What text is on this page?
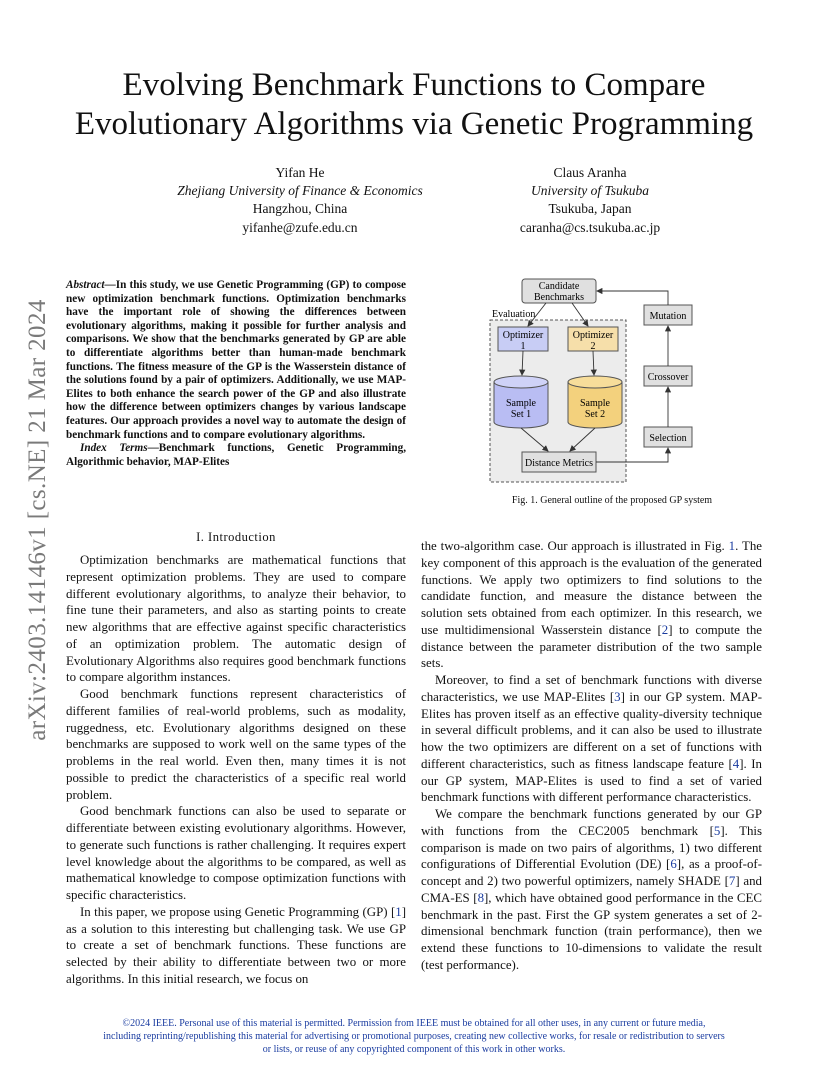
Evolving Benchmark Functions to Compare
Evolutionary Algorithms via Genetic Programming
Yifan He
Zhejiang University of Finance & Economics
Hangzhou, China
yifanhe@zufe.edu.cn
Claus Aranha
University of Tsukuba
Tsukuba, Japan
caranha@cs.tsukuba.ac.jp
arXiv:2403.14146v1 [cs.NE] 21 Mar 2024

Abstract—In this study, we use Genetic Programming (GP) to compose new optimization benchmark functions. Optimization benchmarks have the important role of showing the differences between evolutionary algorithms, making it possible for further analysis and comparisons. We show that the benchmarks generated by GP are able to differentiate algorithms better than human-made benchmark functions. The fitness measure of the GP is the Wasserstein distance of the solutions found by a pair of optimizers. Additionally, we use MAP-Elites to both enhance the search power of the GP and also illustrate how the difference between optimizers changes by various landscape features. Our approach provides a novel way to automate the design of benchmark functions and to compare evolutionary algorithms.

Index Terms—Benchmark functions, Genetic Programming, Algorithmic behavior, MAP-Elites

Evaluation
Candidate
Benchmarks
Optimizer
1
Optimizer
2
Sample
Set 1
Sample
Set 2
Distance Metrics
Mutation
Crossover
Selection
Fig. 1. General outline of the proposed GP system
I. Introduction

Optimization benchmarks are mathematical functions that represent optimization problems. They are used to compare different evolutionary algorithms, to analyze their behavior, to fine tune their parameters, and also as starting points to create new algorithms that are effective against specific characteristics of an optimization problem. The automatic design of Evolutionary Algorithms also requires good benchmark functions to compare algorithm instances.

Good benchmark functions represent characteristics of different families of real-world problems, such as modality, ruggedness, etc. Evolutionary algorithms designed on these benchmarks are supposed to work well on the same types of the problems in the real world. Even then, many times it is not possible to predict the characteristics of a specific real world problem.

Good benchmark functions can also be used to separate or differentiate between existing evolutionary algorithms. However, to generate such functions is rather challenging. It requires expert level knowledge about the algorithms to be compared, as well as mathematical knowledge to compose optimization functions with specific characteristics.

In this paper, we propose using Genetic Programming (GP) [1] as a solution to this interesting but challenging task. We use GP to create a set of benchmark functions. These functions are selected by their ability to differentiate between two or more algorithms. In this initial research, we focus on

the two-algorithm case. Our approach is illustrated in Fig. 1. The key component of this approach is the evaluation of the generated functions. We apply two optimizers to find solutions to the candidate function, and measure the distance between the solution sets obtained from each optimizer. In this research, we use multidimensional Wasserstein distance [2] to compute the distance between the parameter distribution of the two sample sets.

Moreover, to find a set of benchmark functions with diverse characteristics, we use MAP-Elites [3] in our GP system. MAP-Elites has proven itself as an effective quality-diversity technique in several difficult problems, and it can also be used to illustrate how the two optimizers are different on a set of functions with different characteristics, such as fitness landscape feature [4]. In our GP system, MAP-Elites is used to find a set of varied benchmark functions with different performance characteristics.

We compare the benchmark functions generated by our GP with functions from the CEC2005 benchmark [5]. This comparison is made on two pairs of algorithms, 1) two different configurations of Differential Evolution (DE) [6], as a proof-of-concept and 2) two powerful optimizers, namely SHADE [7] and CMA-ES [8], which have obtained good performance in the CEC benchmark in the past. First the GP system generates a set of 2-dimensional benchmark function (train performance), then we extend these functions to 10-dimensions to validate the result (test performance).

©2024 IEEE. Personal use of this material is permitted. Permission from IEEE must be obtained for all other uses, in any current or future media,
including reprinting/republishing this material for advertising or promotional purposes, creating new collective works, for resale or redistribution to servers
or lists, or reuse of any copyrighted component of this work in other works.
